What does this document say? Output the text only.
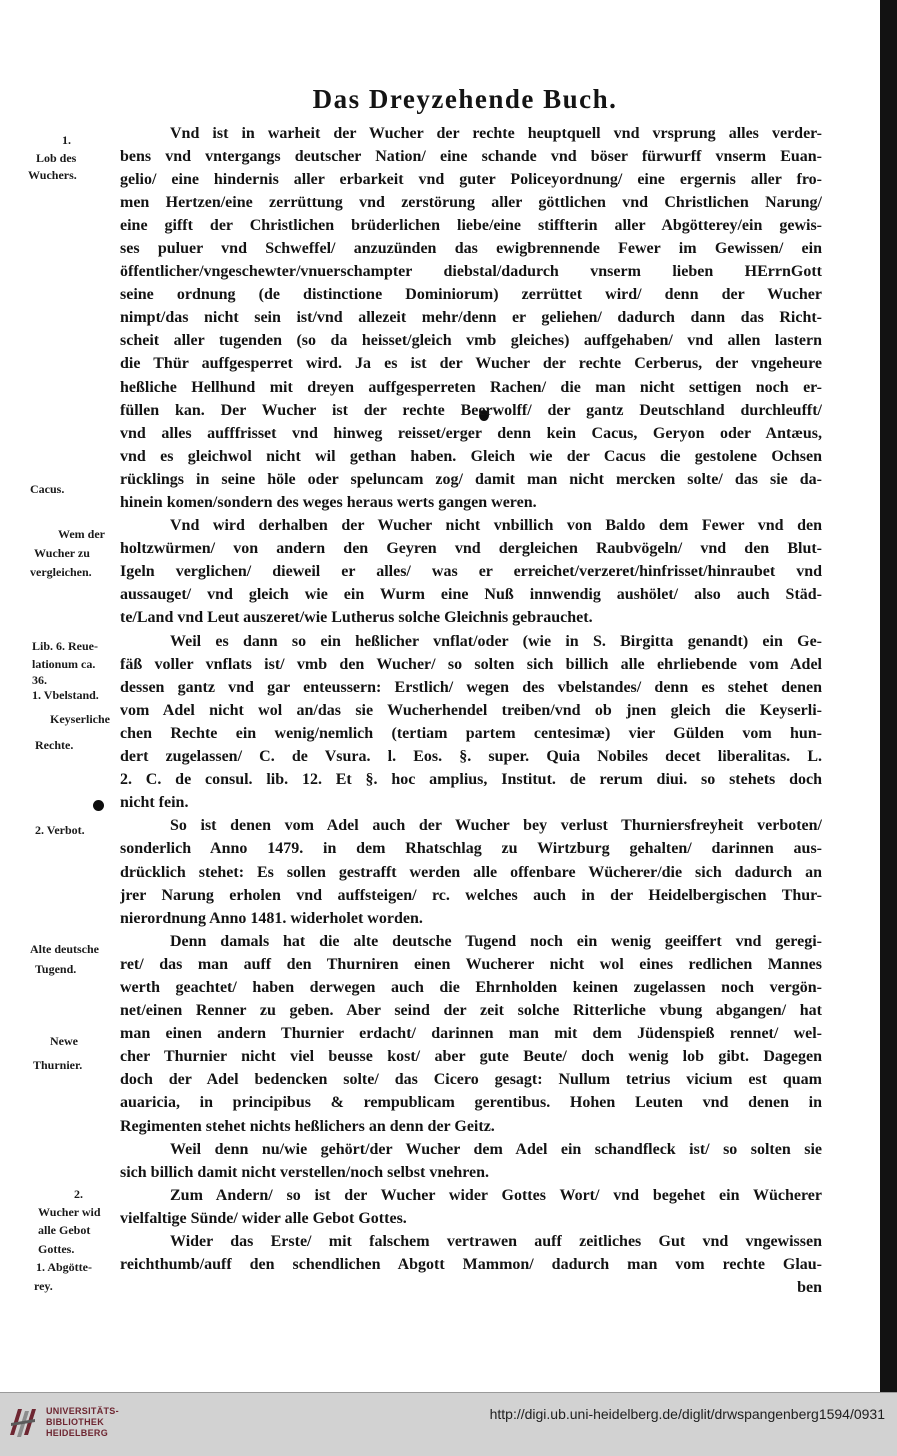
Das Dreyzehende Buch.
1.
Lob des
Wuchers.
Cacus.
Wem der
Wucher zu
vergleichen.
Lib. 6. Reue-
lationum ca.
36.
1. Vbelstand.
Keyserliche
Rechte.
2. Verbot.
Alte deutsche
Tugend.
Newe
Thurnier.
2.
Wucher wid
alle Gebot
Gottes.
1. Abgötte-
rey.
Vnd ist in warheit der Wucher der rechte heuptquell vnd vrsprung alles verder-
bens vnd vntergangs deutscher Nation/ eine schande vnd böser fürwurff vnserm Euan-
gelio/ eine hindernis aller erbarkeit vnd guter Policeyordnung/ eine ergernis aller fro-
men Hertzen/eine zerrüttung vnd zerstörung aller göttlichen vnd Christlichen Narung/
eine gifft der Christlichen brüderlichen liebe/eine stiffterin aller Abgötterey/ein gewis-
ses puluer vnd Schweffel/ anzuzünden das ewigbrennende Fewer im Gewissen/ ein
öffentlicher/vngeschewter/vnuerschampter diebstal/dadurch vnserm lieben HErrnGott
seine ordnung (de distinctione Dominiorum) zerrüttet wird/ denn der Wucher
nimpt/das nicht sein ist/vnd allezeit mehr/denn er geliehen/ dadurch dann das Richt-
scheit aller tugenden (so da heisset/gleich vmb gleiches) auffgehaben/ vnd allen lastern
die Thür auffgesperret wird. Ja es ist der Wucher der rechte Cerberus, der vngeheure
heßliche Hellhund mit dreyen auffgesperreten Rachen/ die man nicht settigen noch er-
füllen kan. Der Wucher ist der rechte Beerwolff/ der gantz Deutschland durchleufft/
vnd alles aufffrisset vnd hinweg reisset/erger denn kein Cacus, Geryon oder Antæus,
vnd es gleichwol nicht wil gethan haben. Gleich wie der Cacus die gestolene Ochsen
rücklings in seine höle oder speluncam zog/ damit man nicht mercken solte/ das sie da-
hinein komen/sondern des weges heraus werts gangen weren.
Vnd wird derhalben der Wucher nicht vnbillich von Baldo dem Fewer vnd den
holtzwürmen/ von andern den Geyren vnd dergleichen Raubvögeln/ vnd den Blut-
Igeln verglichen/ dieweil er alles/ was er erreichet/verzeret/hinfrisset/hinraubet vnd
aussauget/ vnd gleich wie ein Wurm eine Nuß innwendig aushölet/ also auch Städ-
te/Land vnd Leut auszeret/wie Lutherus solche Gleichnis gebrauchet.
Weil es dann so ein heßlicher vnflat/oder (wie in S. Birgitta genandt) ein Ge-
fäß voller vnflats ist/ vmb den Wucher/ so solten sich billich alle ehrliebende vom Adel
dessen gantz vnd gar enteussern: Erstlich/ wegen des vbelstandes/ denn es stehet denen
vom Adel nicht wol an/das sie Wucherhendel treiben/vnd ob jnen gleich die Keyserli-
chen Rechte ein wenig/nemlich (tertiam partem centesimæ) vier Gülden vom hun-
dert zugelassen/ C. de Vsura. l. Eos. §. super. Quia Nobiles decet liberalitas. L.
2. C. de consul. lib. 12. Et §. hoc amplius, Institut. de rerum diui. so stehets doch
nicht fein.
So ist denen vom Adel auch der Wucher bey verlust Thurniersfreyheit verboten/
sonderlich Anno 1479. in dem Rhatschlag zu Wirtzburg gehalten/ darinnen aus-
drücklich stehet: Es sollen gestrafft werden alle offenbare Wücherer/die sich dadurch an
jrer Narung erholen vnd auffsteigen/ rc. welches auch in der Heidelbergischen Thur-
nierordnung Anno 1481. widerholet worden.
Denn damals hat die alte deutsche Tugend noch ein wenig geeiffert vnd geregi-
ret/ das man auff den Thurniren einen Wucherer nicht wol eines redlichen Mannes
werth geachtet/ haben derwegen auch die Ehrnholden keinen zugelassen noch vergön-
net/einen Renner zu geben. Aber seind der zeit solche Ritterliche vbung abgangen/ hat
man einen andern Thurnier erdacht/ darinnen man mit dem Jüdenspieß rennet/ wel-
cher Thurnier nicht viel beusse kost/ aber gute Beute/ doch wenig lob gibt. Dagegen
doch der Adel bedencken solte/ das Cicero gesagt: Nullum tetrius vicium est quam
auaricia, in principibus & rempublicam gerentibus. Hohen Leuten vnd denen in
Regimenten stehet nichts heßlichers an denn der Geitz.
Weil denn nu/wie gehört/der Wucher dem Adel ein schandfleck ist/ so solten sie
sich billich damit nicht verstellen/noch selbst vnehren.
Zum Andern/ so ist der Wucher wider Gottes Wort/ vnd begehet ein Wücherer
vielfaltige Sünde/ wider alle Gebot Gottes.
Wider das Erste/ mit falschem vertrawen auff zeitliches Gut vnd vngewissen
reichthumb/auff den schendlichen Abgott Mammon/ dadurch man vom rechte Glau-
ben
UNIVERSITÄTS-
BIBLIOTHEK
HEIDELBERG
http://digi.ub.uni-heidelberg.de/diglit/drwspangenberg1594/0931
